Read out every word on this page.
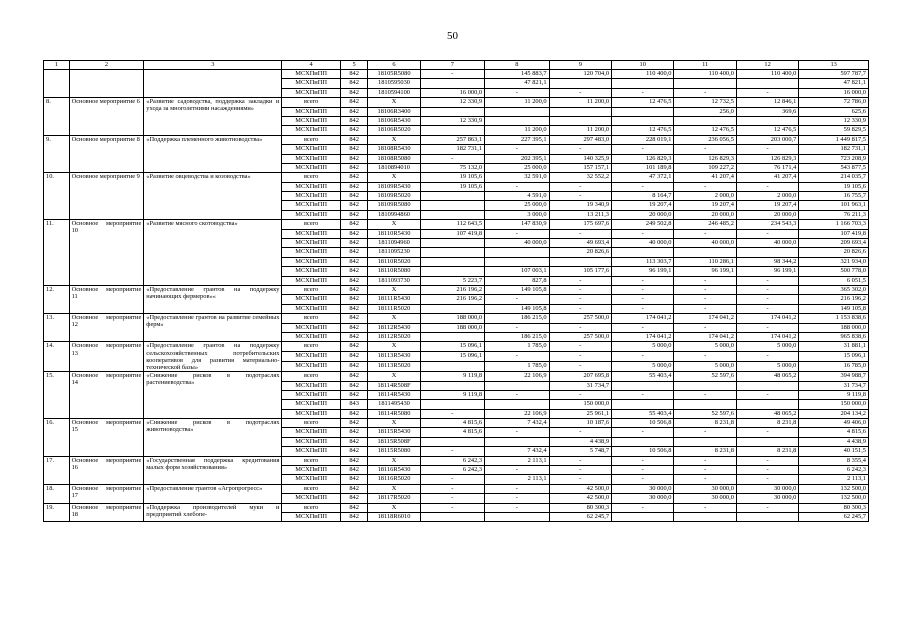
50
1	2	3	4	5	6	7	8	9	10	11	12	13
			МСХПиПП	842	18105R5080	-	145 883,7	120 704,0	110 400,0	110 400,0	110 400,0	597 787,7
			МСХПиПП	842	1810595030		47 821,1					47 821,1
			МСХПиПП	842	1810594100	16 000,0	-	-	-	-	-	16 000,0
8.	Основное мероприятие 6	«Развитие садоводства, поддержка закладки и ухода за многолетними насаждениями»	всего	842	X	12 330,9	11 200,0	11 200,0	12 476,5	12 732,5	12 846,1	72 786,0
			МСХПиПП	842	18106R3400					256,0	369,6	625,6
			МСХПиПП	842	18106R5430	12 330,9						12 330,9
			МСХПиПП	842	18106R5020		11 200,0	11 200,0	12 476,5	12 476,5	12 476,5	59 829,5
9.	Основное мероприятие 8	«Поддержка племенного животноводства»	всего	842	X	257 863,1	227 395,1	297 483,0	228 019,1	236 056,5	203 000,7	1 449 817,5
			МСХПиПП	842	18108R5430	182 731,1	-	-	-	-	-	182 731,1
			МСХПиПП	842	18108R5080	-	202 395,1	140 325,9	126 829,3	126 829,3	126 829,3	723 208,9
			МСХПиПП	842	1810894010	75 132,0	25 000,0	157 157,1	101 189,8	109 227,2	76 171,4	543 877,5
10.	Основное мероприятие 9	«Развитие овцеводства и козоводства»	всего	842	X	19 105,6	32 591,0	32 552,2	47 372,1	41 207,4	41 207,4	214 035,7
			МСХПиПП	842	18109R5430	19 105,6	-	-	-	-	-	19 105,6
			МСХПиПП	842	18109R5020		4 591,0	-	8 164,7	2 000,0	2 000,0	16 755,7
			МСХПиПП	842	18109R5080		25 000,0	19 340,9	19 207,4	19 207,4	19 207,4	101 963,1
			МСХПиПП	842	1810994860		3 000,0	13 211,3	20 000,0	20 000,0	20 000,0	76 211,3
11.	Основное мероприятие 10	«Развитие мясного скотоводства»	всего	842	X	112 643,5	147 830,9	175 697,6	249 502,8	246 485,2	234 543,3	1 166 703,3
			МСХПиПП	842	18110R5430	107 419,8	-	-	-	-	-	107 419,8
			МСХПиПП	842	1811094960		40 000,0	49 693,4	40 000,0	40 000,0	40 000,0	209 693,4
			МСХПиПП	842	1811095230			20 826,6				20 826,6
			МСХПиПП	842	18110R5020				113 303,7	110 286,1	98 344,2	321 934,0
			МСХПиПП	842	18110R5080		107 003,1	105 177,6	96 199,1	96 199,1	96 199,1	500 778,0
			МСХПиПП	842	1811093730	5 223,7	827,8	-	-	-	-	6 051,5
12.	Основное мероприятие 11	«Предоставление грантов на поддержку начинающих фермеров»«	всего	842	X	216 196,2	149 105,8	-	-	-	-	365 302,0
			МСХПиПП	842	18111R5430	216 196,2	-	-	-	-	-	216 196,2
			МСХПиПП	842	18111R5020		149 105,8	-	-	-	-	149 105,8
13.	Основное мероприятие 12	«Предоставление грантов на развитие семейных ферм»	всего	842	X	188 000,0	186 215,0	257 500,0	174 041,2	174 041,2	174 041,2	1 153 838,6
			МСХПиПП	842	18112R5430	188 000,0	-	-	-	-	-	188 000,0
			МСХПиПП	842	18112R5020		186 215,0	257 500,0	174 041,2	174 041,2	174 041,2	965 838,6
14.	Основное мероприятие 13	«Предоставление грантов на поддержку сельскохозяйственных потребительских кооперативов для развития материально-технической базы»	всего	842	X	15 096,1	1 785,0	-	5 000,0	5 000,0	5 000,0	31 881,1
			МСХПиПП	842	18113R5430	15 096,1	-	-	-	-	-	15 096,1
			МСХПиПП	842	18113R5020		1 785,0	-	5 000,0	5 000,0	5 000,0	16 785,0
15.	Основное мероприятие 14	«Снижение рисков в подотраслях растениеводства»	всего	842	X	9 119,8	22 106,9	207 695,8	55 403,4	52 597,6	48 065,2	394 988,7
			МСХПиПП	842	18114R508F			31 734,7				31 734,7
			МСХПиПП	842	18114R5430	9 119,8	-	-	-	-	-	9 119,8
			МСХПиПП	843	1811495430			150 000,0				150 000,0
			МСХПиПП	842	18114R5080	-	22 106,9	25 961,1	55 403,4	52 597,6	48 065,2	204 134,2
16.	Основное мероприятие 15	«Снижение рисков в подотраслях животноводства»	всего	842	X	4 815,6	7 432,4	10 187,6	10 506,8	8 231,8	8 231,8	49 406,0
			МСХПиПП	842	18115R5430	4 815,6	-	-	-	-	-	4 815,6
			МСХПиПП	842	18115R508F			4 438,9				4 438,9
			МСХПиПП	842	18115R5080	-	7 432,4	5 748,7	10 506,8	8 231,8	8 231,8	40 151,5
17.	Основное мероприятие 16	«Государственная поддержка кредитования малых форм хозяйствования»	всего	842	X	6 242,3	2 113,1	-	-	-	-	8 355,4
			МСХПиПП	842	18116R5430	6 242,3	-	-	-	-	-	6 242,3
			МСХПиПП	842	18116R5020	-	2 113,1	-	-	-	-	2 113,1
18.	Основное мероприятие 17	«Предоставление грантов «Агропрогресс»	всего	842	X	-	-	42 500,0	30 000,0	30 000,0	30 000,0	132 500,0
			МСХПиПП	842	18117R5020	-	-	42 500,0	30 000,0	30 000,0	30 000,0	132 500,0
19.	Основное мероприятие 18	«Поддержка производителей муки и предприятий хлебопе-	всего	842	X	-	-	80 300,3	-	-	-	80 300,3
			МСХПиПП	842	18118R6010			62 245,7				62 245,7
